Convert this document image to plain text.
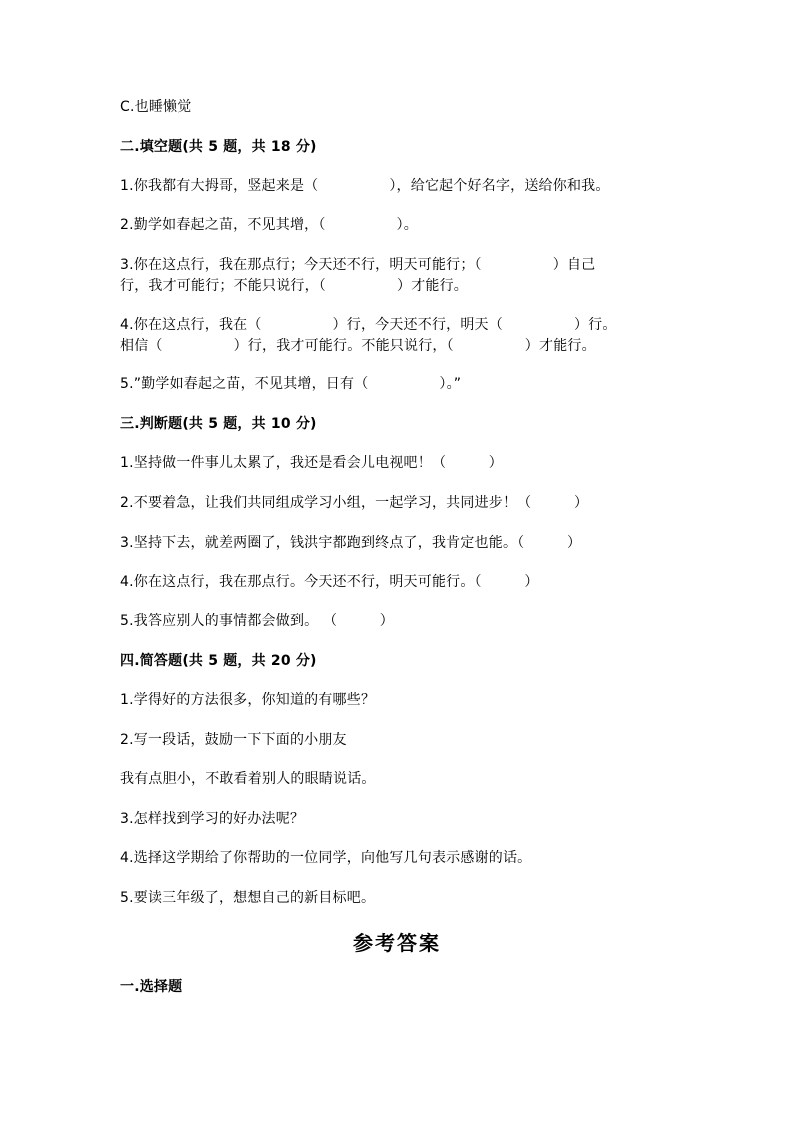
C.也睡懒觉
二.填空题(共 5 题，共 18 分)
1.你我都有大拇哥，竖起来是（　　　　　），给它起个好名字，送给你和我。
2.勤学如春起之苗，不见其增，（　　　　　）。
3.你在这点行，我在那点行；今天还不行，明天可能行；（　　　　　）自己
行，我才可能行；不能只说行，（　　　　　）才能行。
4.你在这点行，我在（　　　　　）行，今天还不行，明天（　　　　　）行。
相信（　　　　　）行，我才可能行。不能只说行，（　　　　　）才能行。
5.”勤学如春起之苗，不见其增，日有（　　　　　）。”
三.判断题(共 5 题，共 10 分)
1.坚持做一件事儿太累了，我还是看会儿电视吧！（　　　）
2.不要着急，让我们共同组成学习小组，一起学习，共同进步！（　　　）
3.坚持下去，就差两圈了，钱洪宇都跑到终点了，我肯定也能。（　　　）
4.你在这点行，我在那点行。今天还不行，明天可能行。（　　　）
5.我答应别人的事情都会做到。 （　　　）
四.简答题(共 5 题，共 20 分)
1.学得好的方法很多，你知道的有哪些？
2.写一段话，鼓励一下下面的小朋友
我有点胆小，不敢看着别人的眼睛说话。
3.怎样找到学习的好办法呢？
4.选择这学期给了你帮助的一位同学，向他写几句表示感谢的话。
5.要读三年级了，想想自己的新目标吧。
参考答案
一.选择题
